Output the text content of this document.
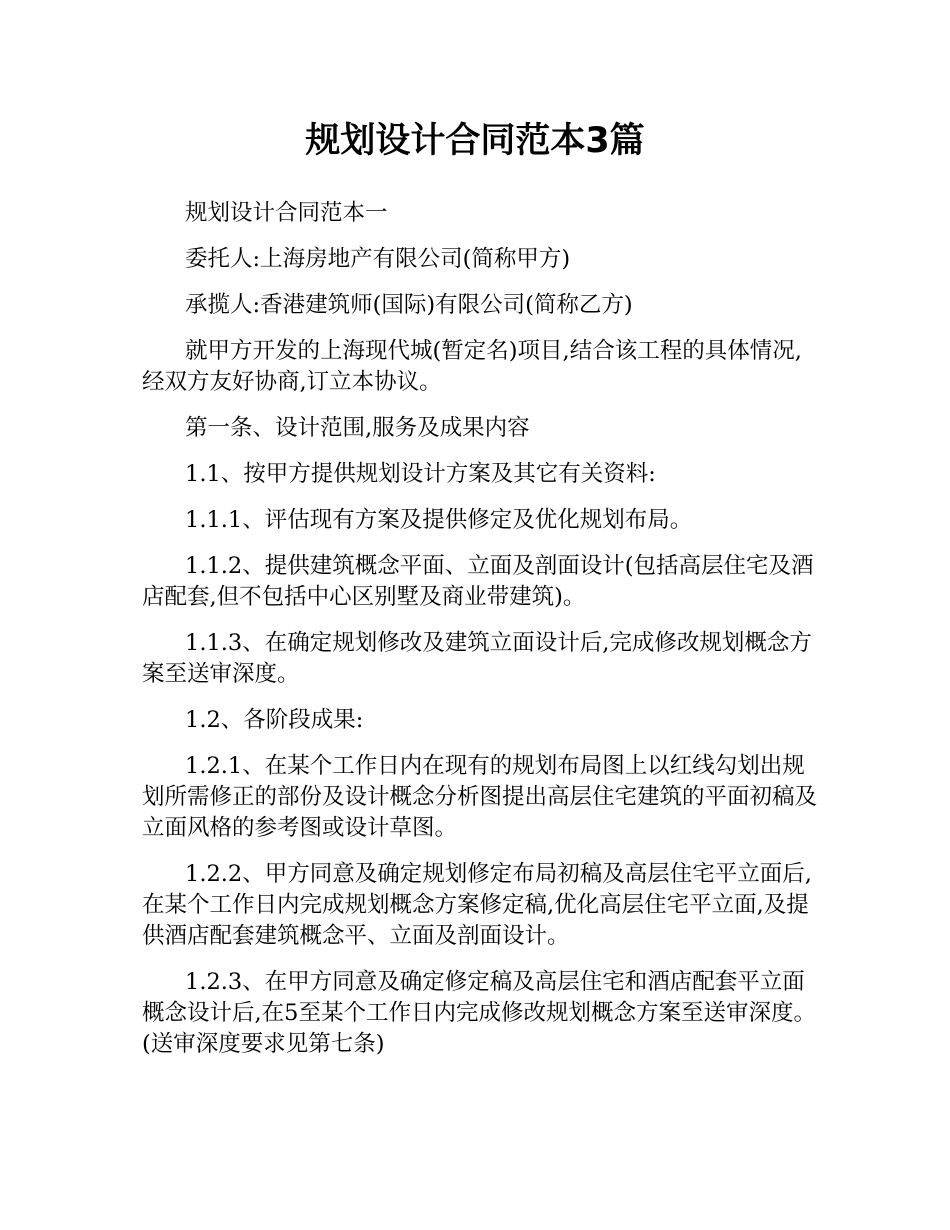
规划设计合同范本3篇

规划设计合同范本一

委托人:上海房地产有限公司(简称甲方)

承揽人:香港建筑师(国际)有限公司(简称乙方)

就甲方开发的上海现代城(暂定名)项目,结合该工程的具体情况,经双方友好协商,订立本协议。

第一条、设计范围,服务及成果内容

1.1、按甲方提供规划设计方案及其它有关资料:

1.1.1、评估现有方案及提供修定及优化规划布局。

1.1.2、提供建筑概念平面、立面及剖面设计(包括高层住宅及酒店配套,但不包括中心区别墅及商业带建筑)。

1.1.3、在确定规划修改及建筑立面设计后,完成修改规划概念方案至送审深度。

1.2、各阶段成果:

1.2.1、在某个工作日内在现有的规划布局图上以红线勾划出规划所需修正的部份及设计概念分析图提出高层住宅建筑的平面初稿及立面风格的参考图或设计草图。

1.2.2、甲方同意及确定规划修定布局初稿及高层住宅平立面后,在某个工作日内完成规划概念方案修定稿,优化高层住宅平立面,及提供酒店配套建筑概念平、立面及剖面设计。

1.2.3、在甲方同意及确定修定稿及高层住宅和酒店配套平立面概念设计后,在5至某个工作日内完成修改规划概念方案至送审深度。(送审深度要求见第七条)
